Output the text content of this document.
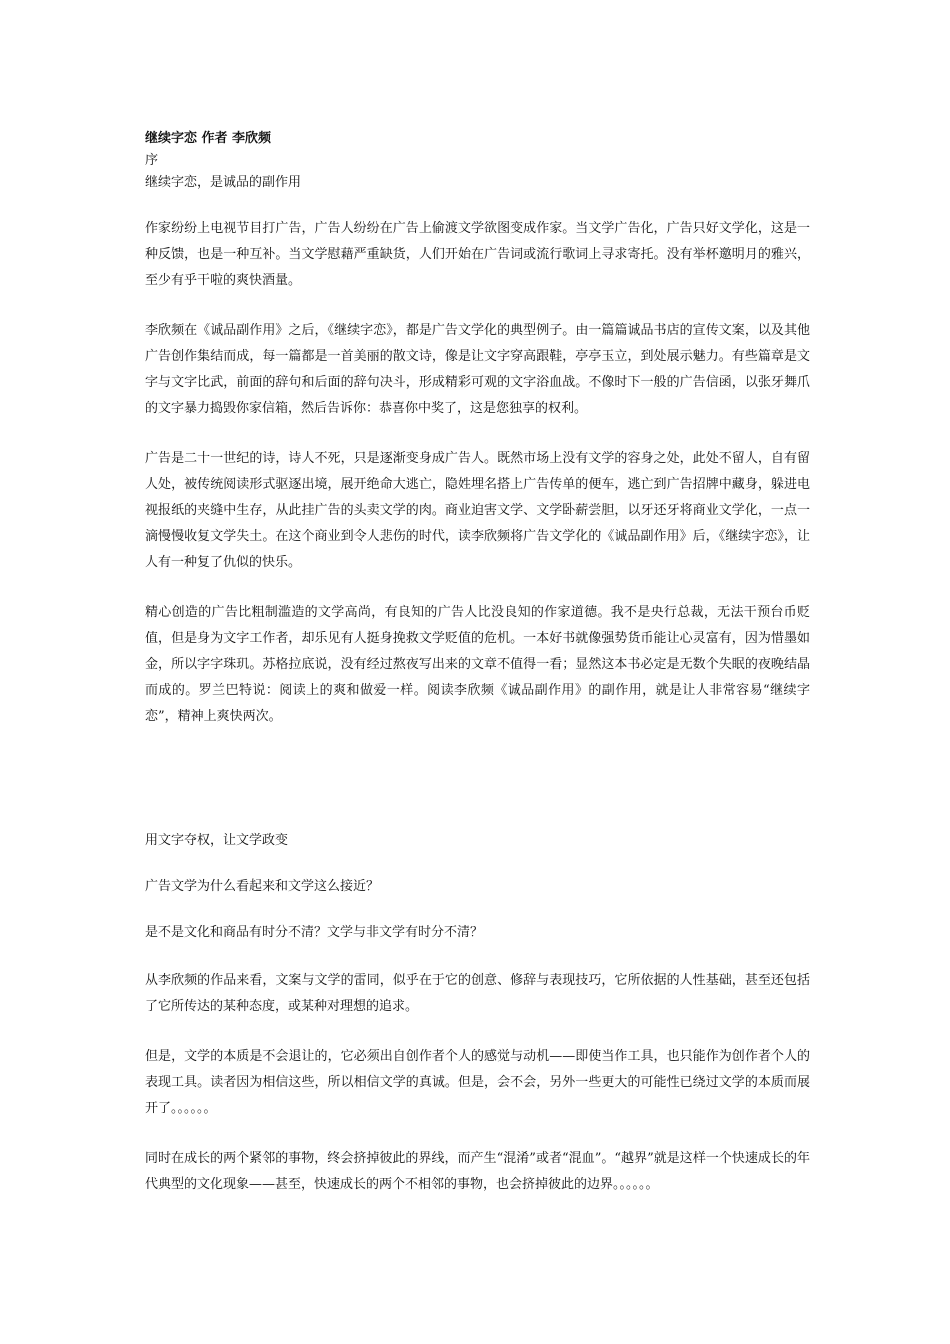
继续字恋 作者 李欣频

序

继续字恋，是诚品的副作用

作家纷纷上电视节目打广告，广告人纷纷在广告上偷渡文学欲图变成作家。当文学广告化，广告只好文学化，这是一种反馈，也是一种互补。当文学慰藉严重缺货，人们开始在广告词或流行歌词上寻求寄托。没有举杯邀明月的雅兴，至少有乎干啦的爽快酒量。

李欣频在《诚品副作用》之后，《继续字恋》，都是广告文学化的典型例子。由一篇篇诚品书店的宣传文案，以及其他广告创作集结而成，每一篇都是一首美丽的散文诗，像是让文字穿高跟鞋，亭亭玉立，到处展示魅力。有些篇章是文字与文字比武，前面的辞句和后面的辞句决斗，形成精彩可观的文字浴血战。不像时下一般的广告信函，以张牙舞爪的文字暴力捣毁你家信箱，然后告诉你：恭喜你中奖了，这是您独享的权利。

广告是二十一世纪的诗，诗人不死，只是逐渐变身成广告人。既然市场上没有文学的容身之处，此处不留人，自有留人处，被传统阅读形式驱逐出境，展开绝命大逃亡，隐姓埋名搭上广告传单的便车，逃亡到广告招牌中藏身，躲进电视报纸的夹缝中生存，从此挂广告的头卖文学的肉。商业迫害文学、文学卧薪尝胆，以牙还牙将商业文学化，一点一滴慢慢收复文学失土。在这个商业到令人悲伤的时代，读李欣频将广告文学化的《诚品副作用》后，《继续字恋》，让人有一种复了仇似的快乐。

精心创造的广告比粗制滥造的文学高尚，有良知的广告人比没良知的作家道德。我不是央行总裁，无法干预台币贬值，但是身为文字工作者，却乐见有人挺身挽救文学贬值的危机。一本好书就像强势货币能让心灵富有，因为惜墨如金，所以字字珠玑。苏格拉底说，没有经过熬夜写出来的文章不值得一看；显然这本书必定是无数个失眠的夜晚结晶而成的。罗兰巴特说：阅读上的爽和做爱一样。阅读李欣频《诚品副作用》的副作用，就是让人非常容易“继续字恋”，精神上爽快两次。

用文字夺权，让文学政变

广告文学为什么看起来和文学这么接近？

是不是文化和商品有时分不清？文学与非文学有时分不清？

从李欣频的作品来看，文案与文学的雷同，似乎在于它的创意、修辞与表现技巧，它所依据的人性基础，甚至还包括了它所传达的某种态度，或某种对理想的追求。

但是，文学的本质是不会退让的，它必须出自创作者个人的感觉与动机——即使当作工具，也只能作为创作者个人的表现工具。读者因为相信这些，所以相信文学的真诚。但是，会不会，另外一些更大的可能性已绕过文学的本质而展开了。。。。。。

同时在成长的两个紧邻的事物，终会挤掉彼此的界线，而产生“混淆”或者“混血”。“越界”就是这样一个快速成长的年代典型的文化现象——甚至，快速成长的两个不相邻的事物，也会挤掉彼此的边界。。。。。。
